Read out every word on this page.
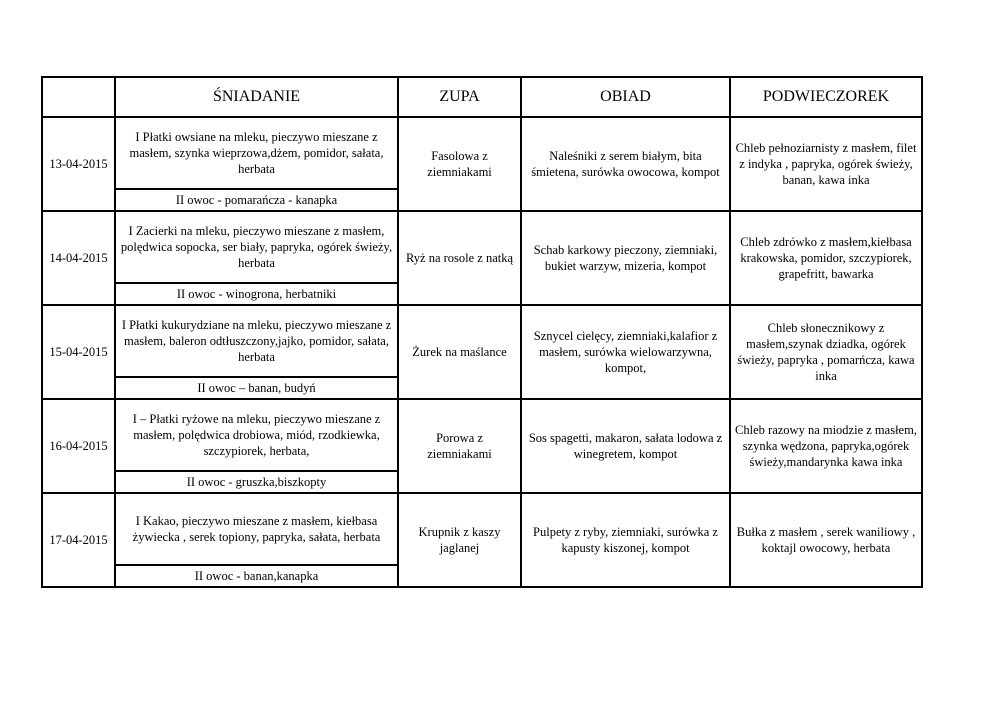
	ŚNIADANIE	ZUPA	OBIAD	PODWIECZOREK
13-04-2015	I Płatki owsiane na mleku, pieczywo mieszane z masłem, szynka wieprzowa,dżem, pomidor, sałata, herbata	Fasolowa z ziemniakami	Naleśniki z serem białym, bita śmietena, surówka owocowa, kompot	Chleb pełnoziarnisty z masłem, filet z indyka , papryka, ogórek świeży, banan, kawa inka
	II owoc - pomarańcza - kanapka			
14-04-2015	I Zacierki na mleku, pieczywo mieszane z masłem, polędwica sopocka, ser biały, papryka, ogórek świeży, herbata	Ryż na rosole z natką	Schab karkowy pieczony, ziemniaki, bukiet warzyw, mizeria, kompot	Chleb zdrówko z masłem,kiełbasa krakowska, pomidor, szczypiorek, grapefritt, bawarka
	II owoc - winogrona, herbatniki			
15-04-2015	I Płatki kukurydziane na mleku, pieczywo mieszane z masłem, baleron odtłuszczony,jajko, pomidor, sałata, herbata	Żurek na maślance	Sznycel cielęcy, ziemniaki,kalafior z masłem, surówka wielowarzywna, kompot,	Chleb słonecznikowy z masłem,szynak dziadka, ogórek świeży, papryka , pomarńcza, kawa inka
	II owoc – banan, budyń			
16-04-2015	I – Płatki ryżowe na mleku, pieczywo mieszane z masłem, polędwica drobiowa, miód, rzodkiewka, szczypiorek, herbata,	Porowa z ziemniakami	Sos spagetti, makaron, sałata lodowa z winegretem, kompot	Chleb razowy na miodzie z masłem, szynka wędzona, papryka,ogórek świeży,mandarynka kawa inka
	II owoc - gruszka,biszkopty			
17-04-2015	I Kakao, pieczywo mieszane z masłem, kiełbasa żywiecka , serek topiony, papryka, sałata, herbata	Krupnik z kaszy jaglanej	Pulpety z ryby, ziemniaki, surówka z kapusty kiszonej, kompot	Bułka z masłem , serek waniliowy , koktajl owocowy, herbata
	II owoc - banan,kanapka			
